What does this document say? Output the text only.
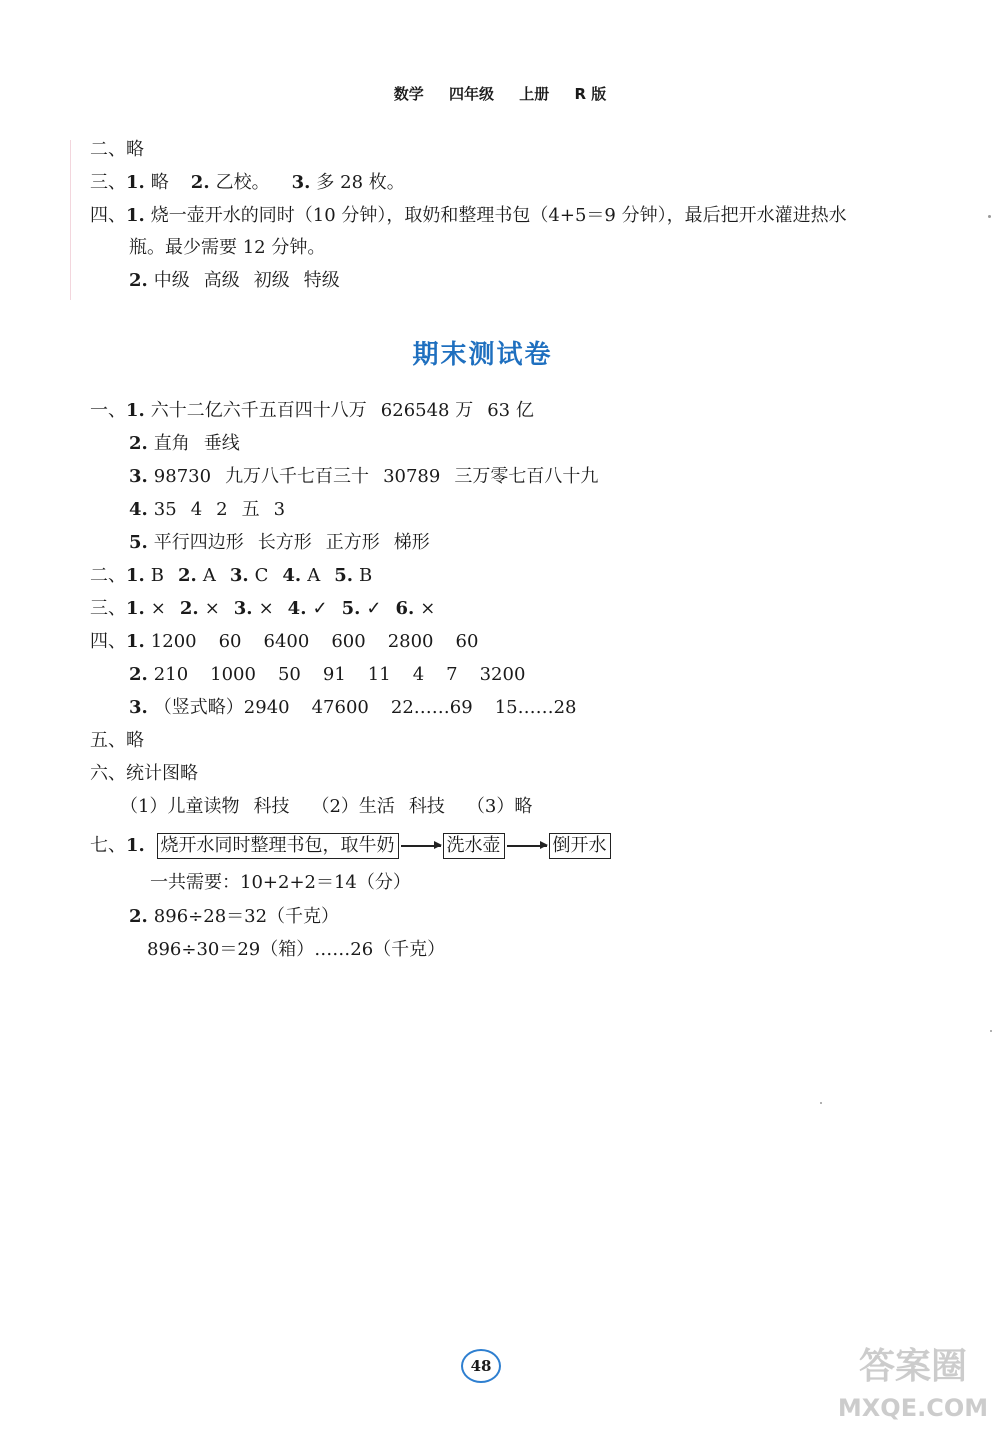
数学 四年级 上册 R 版
二、略
三、1. 略 2. 乙校。 3. 多 28 枚。
四、1. 烧一壶开水的同时（10 分钟），取奶和整理书包（4+5＝9 分钟），最后把开水灌进热水
瓶。最少需要 12 分钟。
2. 中级 高级 初级 特级
期末测试卷
一、1. 六十二亿六千五百四十八万 626548 万 63 亿
2. 直角 垂线
3. 98730 九万八千七百三十 30789 三万零七百八十九
4. 35 4 2 五 3
5. 平行四边形 长方形 正方形 梯形
二、1. B 2. A 3. C 4. A 5. B
三、1. × 2. × 3. × 4. ✓ 5. ✓ 6. ×
四、1. 1200 60 6400 600 2800 60
2. 210 1000 50 91 11 4 7 3200
3. （竖式略）2940 47600 22……69 15……28
五、略
六、统计图略
（1）儿童读物 科技 （2）生活 科技 （3）略
七、1. 烧开水同时整理书包，取牛奶	洗水壶	倒开水
一共需要：10+2+2＝14（分）
2. 896÷28＝32（千克）
896÷30＝29（箱）……26（千克）
48	答案圈
MXQE.COM
